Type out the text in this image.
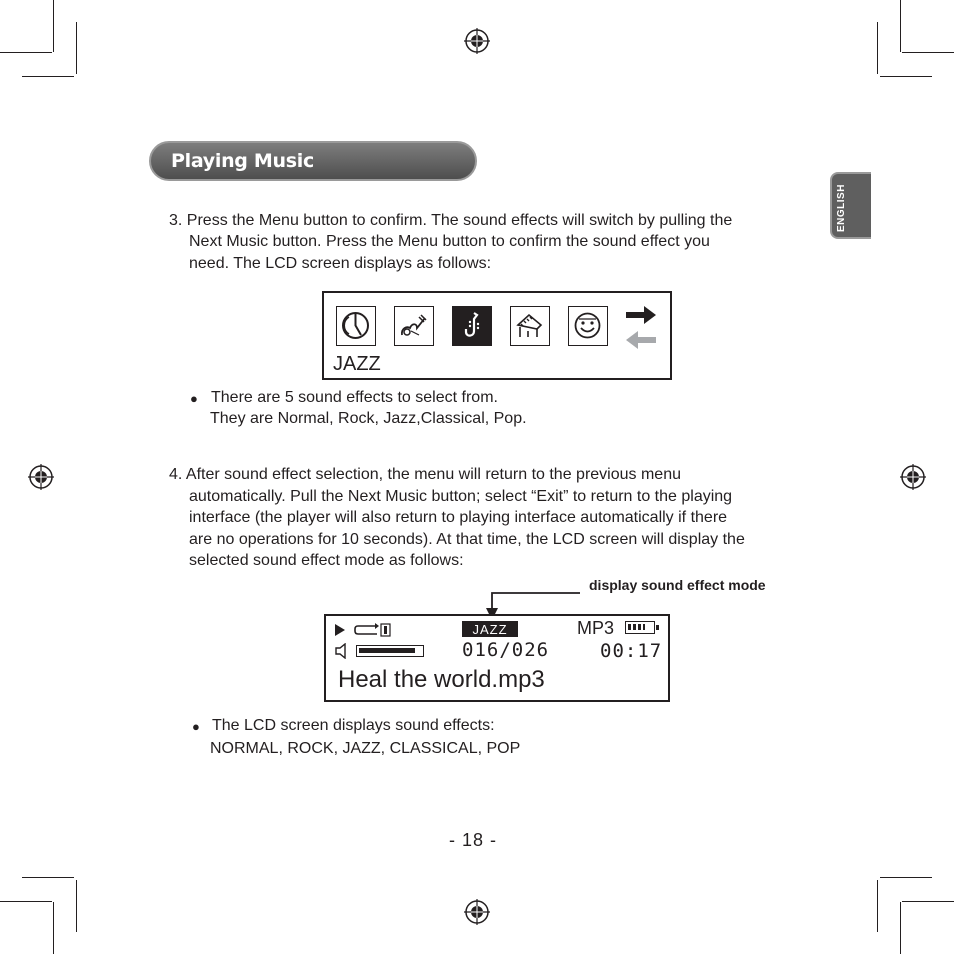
Playing Music
ENGLISH
3. Press the Menu button to confirm. The sound effects will switch by pulling the
Next Music button. Press the Menu button to confirm the sound effect you
need. The LCD screen displays as follows:
JAZZ
● There are 5 sound effects to select from.
They are Normal, Rock, Jazz,Classical, Pop.
4. After sound effect selection, the menu will return to the previous menu
automatically. Pull the Next Music button; select “Exit” to return to the playing
interface (the player will also return to playing interface automatically if there
are no operations for 10 seconds). At that time, the LCD screen will display the
selected sound effect mode as follows:
display sound effect mode
JAZZ	MP3
016/026	00:17
Heal the world.mp3
● The LCD screen displays sound effects:
NORMAL, ROCK, JAZZ, CLASSICAL, POP
- 18 -
